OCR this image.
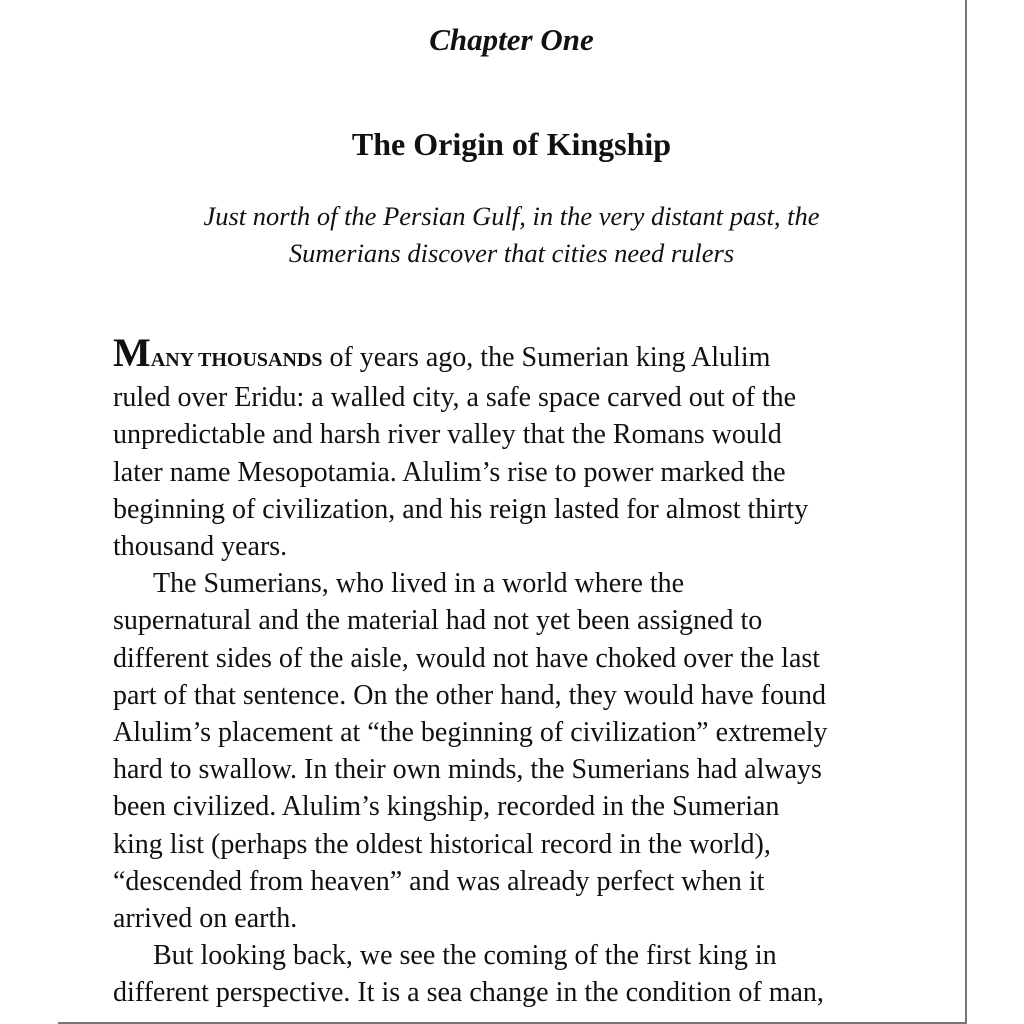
Chapter One
The Origin of Kingship
Just north of the Persian Gulf, in the very distant past, the
Sumerians discover that cities need rulers
MANY THOUSANDS of years ago, the Sumerian king Alulim
ruled over Eridu: a walled city, a safe space carved out of the
unpredictable and harsh river valley that the Romans would
later name Mesopotamia. Alulim’s rise to power marked the
beginning of civilization, and his reign lasted for almost thirty
thousand years.
The Sumerians, who lived in a world where the
supernatural and the material had not yet been assigned to
different sides of the aisle, would not have choked over the last
part of that sentence. On the other hand, they would have found
Alulim’s placement at “the beginning of civilization” extremely
hard to swallow. In their own minds, the Sumerians had always
been civilized. Alulim’s kingship, recorded in the Sumerian
king list (perhaps the oldest historical record in the world),
“descended from heaven” and was already perfect when it
arrived on earth.
But looking back, we see the coming of the first king in
different perspective. It is a sea change in the condition of man,
